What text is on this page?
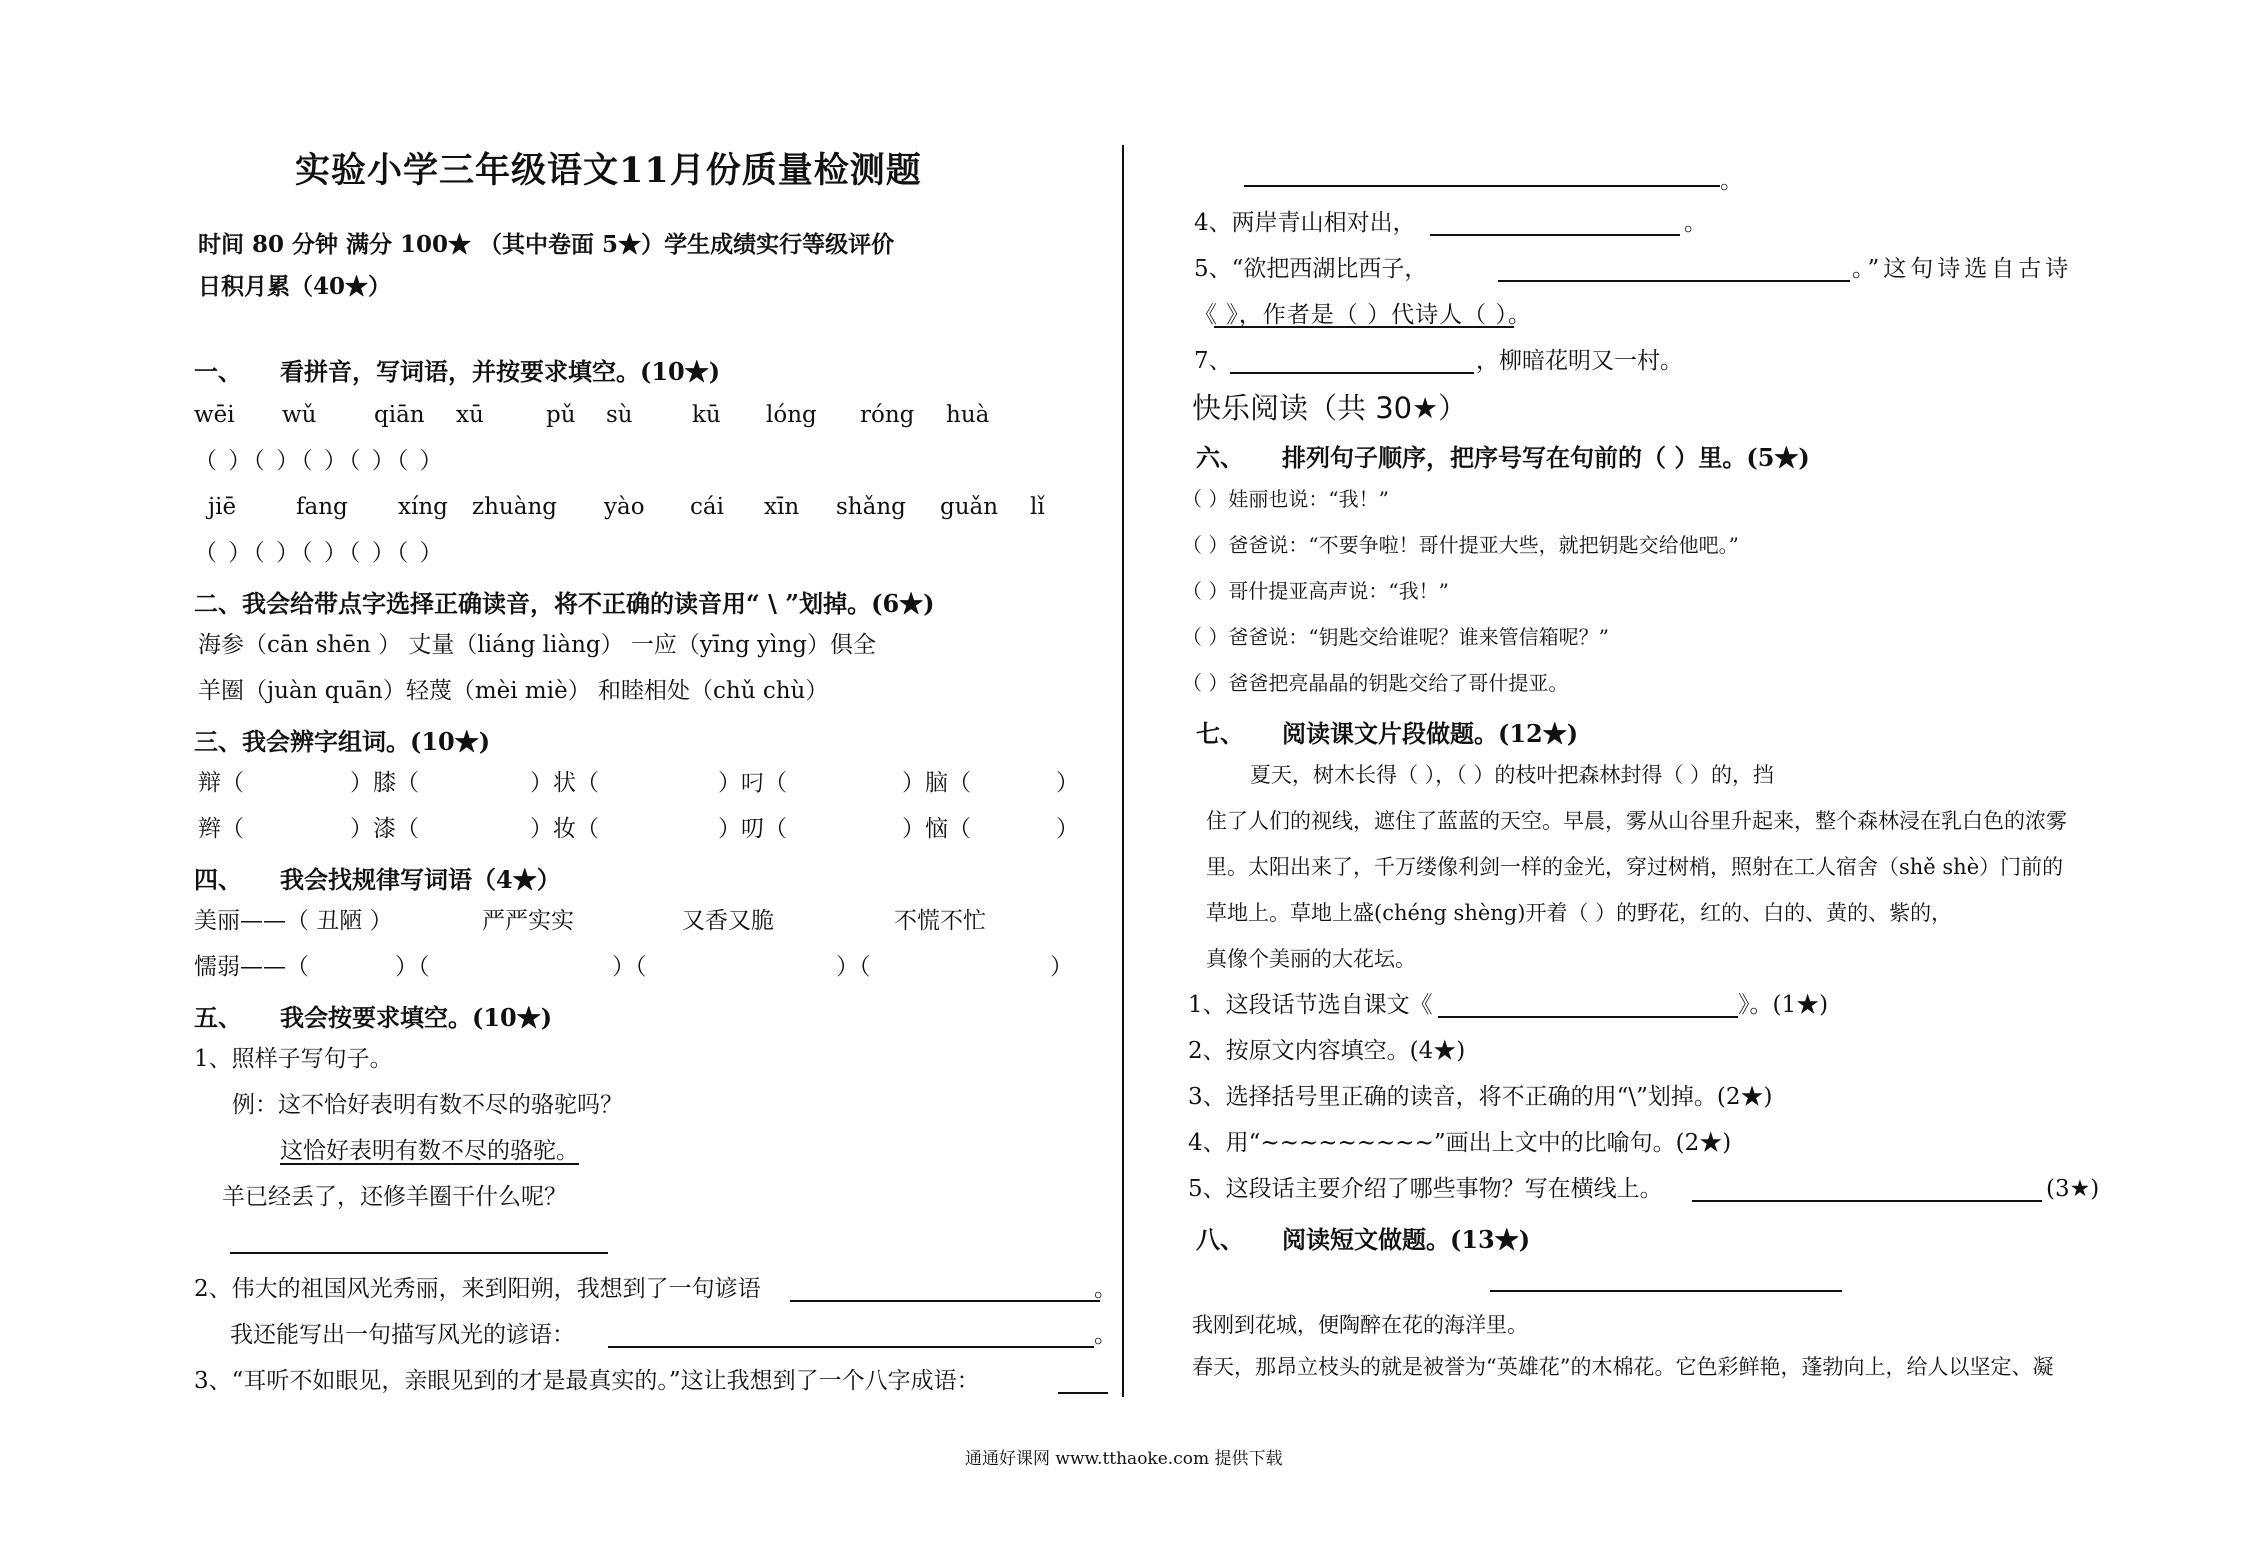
实验小学三年级语文11月份质量检测题
时间 80 分钟 满分 100★ （其中卷面 5★）学生成绩实行等级评价
日积月累（40★）
一、 看拼音，写词语，并按要求填空。(10★)
wēi wǔ	qiān xū	pǔ sù	kū lóng róng huà
（ ）（ ）（ ）（ ）（ ）
jiē	fang xíng zhuàng yào cái xīn shǎng guǎn lǐ
（ ）（ ）（ ）（ ）（ ）
二、我会给带点字选择正确读音，将不正确的读音用“ \ ”划掉。(6★)
海参（cān shēn ） 丈量（liáng liàng） 一应（yīng yìng）俱全
羊圈（juàn quān）轻蔑（mèi miè） 和睦相处（chǔ chù）
三、我会辨字组词。(10★)
辩（	）膝（	）状（	）叼（	）脑（	）
辫（	）漆（	）妆（	）叨（	）恼（	）
四、 我会找规律写词语（4★）
美丽——（ 丑陋 ）	严严实实	又香又脆	不慌不忙
懦弱——（	）（	）（	）（	）
五、 我会按要求填空。(10★)
1、照样子写句子。
例：这不恰好表明有数不尽的骆驼吗？
这恰好表明有数不尽的骆驼。
羊已经丢了，还修羊圈干什么呢？
2、伟大的祖国风光秀丽，来到阳朔，我想到了一句谚语	。
我还能写出一句描写风光的谚语：	。
3、“耳听不如眼见，亲眼见到的才是最真实的。”这让我想到了一个八字成语：
。
4、两岸青山相对出，	。
5、“欲把西湖比西子，	。”这句诗选自古诗
《 》，作者是（ ）代诗人（ ）。
7、	，柳暗花明又一村。
快乐阅读（共 30★）
六、 排列句子顺序，把序号写在句前的（ ）里。(5★)
（ ）娃丽也说：“我！”
（ ）爸爸说：“不要争啦！哥什提亚大些，就把钥匙交给他吧。”
（ ）哥什提亚高声说：“我！”
（ ）爸爸说：“钥匙交给谁呢？谁来管信箱呢？”
（ ）爸爸把亮晶晶的钥匙交给了哥什提亚。
七、 阅读课文片段做题。(12★)
夏天，树木长得（ ），（ ）的枝叶把森林封得（ ）的，挡
住了人们的视线，遮住了蓝蓝的天空。早晨，雾从山谷里升起来，整个森林浸在乳白色的浓雾
里。太阳出来了，千万缕像利剑一样的金光，穿过树梢，照射在工人宿舍（shě shè）门前的
草地上。草地上盛(chéng shèng)开着（ ）的野花，红的、白的、黄的、紫的，
真像个美丽的大花坛。
1、这段话节选自课文《	》。(1★)
2、按原文内容填空。(4★)
3、选择括号里正确的读音，将不正确的用“\”划掉。(2★)
4、用“~~~~~~~~~”画出上文中的比喻句。(2★)
5、这段话主要介绍了哪些事物？写在横线上。	(3★)
八、 阅读短文做题。(13★)
我刚到花城，便陶醉在花的海洋里。
春天，那昂立枝头的就是被誉为“英雄花”的木棉花。它色彩鲜艳，蓬勃向上，给人以坚定、凝
通通好课网 www.tthaoke.com 提供下载
